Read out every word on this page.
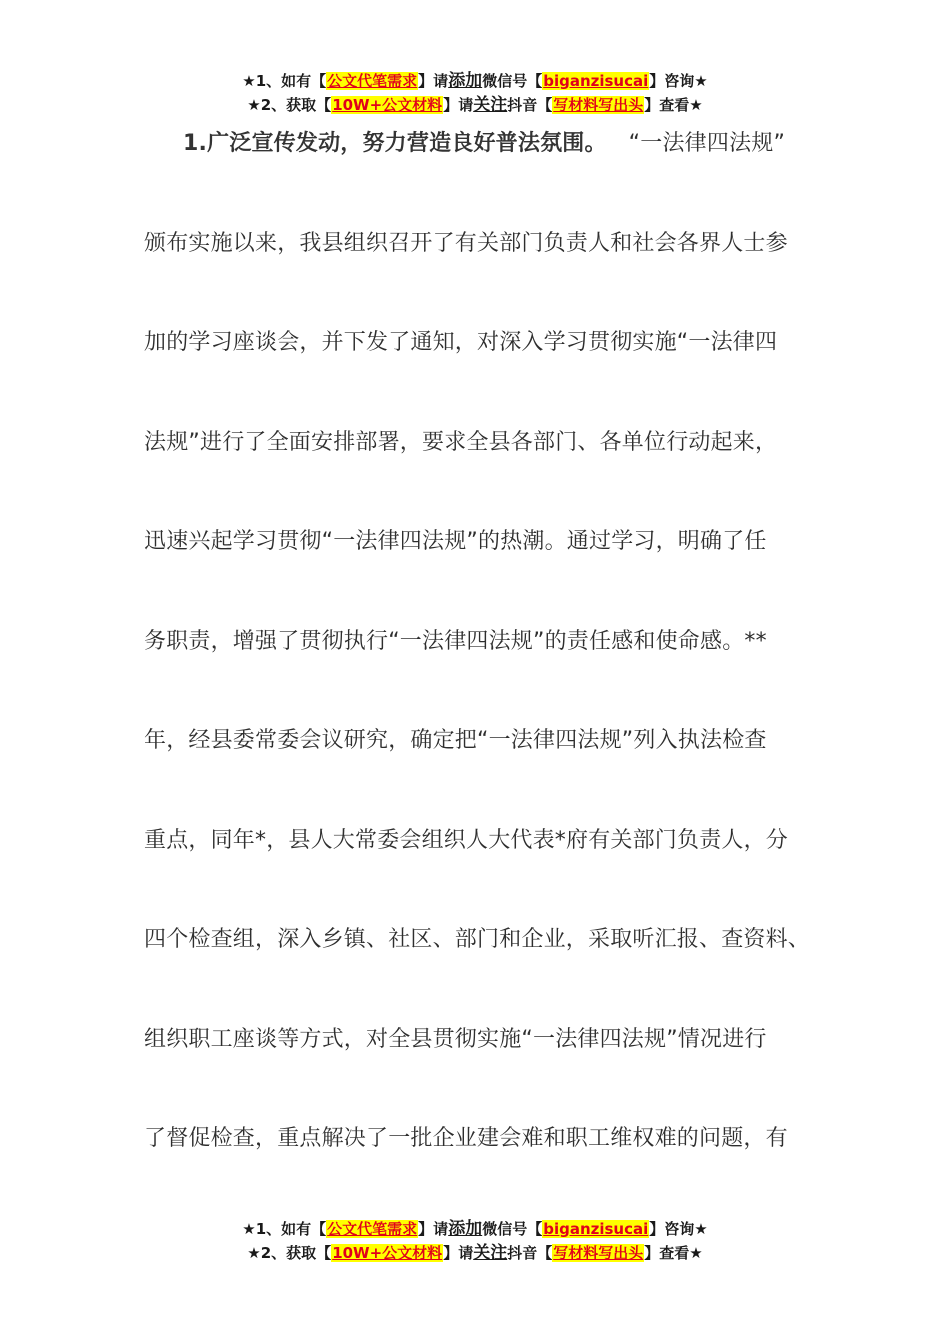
★1、如有【公文代笔需求】请添加微信号【biganzisucai】咨询★
★2、获取【10W+公文材料】请关注抖音【写材料写出头】查看★
1.广泛宣传发动，努力营造良好普法氛围。 “一法律四法规”
颁布实施以来，我县组织召开了有关部门负责人和社会各界人士参
加的学习座谈会，并下发了通知，对深入学习贯彻实施“一法律四
法规”进行了全面安排部署，要求全县各部门、各单位行动起来，
迅速兴起学习贯彻“一法律四法规”的热潮。通过学习，明确了任
务职责，增强了贯彻执行“一法律四法规”的责任感和使命感。**
年，经县委常委会议研究，确定把“一法律四法规”列入执法检查
重点，同年*，县人大常委会组织人大代表*府有关部门负责人，分
四个检查组，深入乡镇、社区、部门和企业，采取听汇报、查资料、
组织职工座谈等方式，对全县贯彻实施“一法律四法规”情况进行
了督促检查，重点解决了一批企业建会难和职工维权难的问题，有
★1、如有【公文代笔需求】请添加微信号【biganzisucai】咨询★
★2、获取【10W+公文材料】请关注抖音【写材料写出头】查看★
